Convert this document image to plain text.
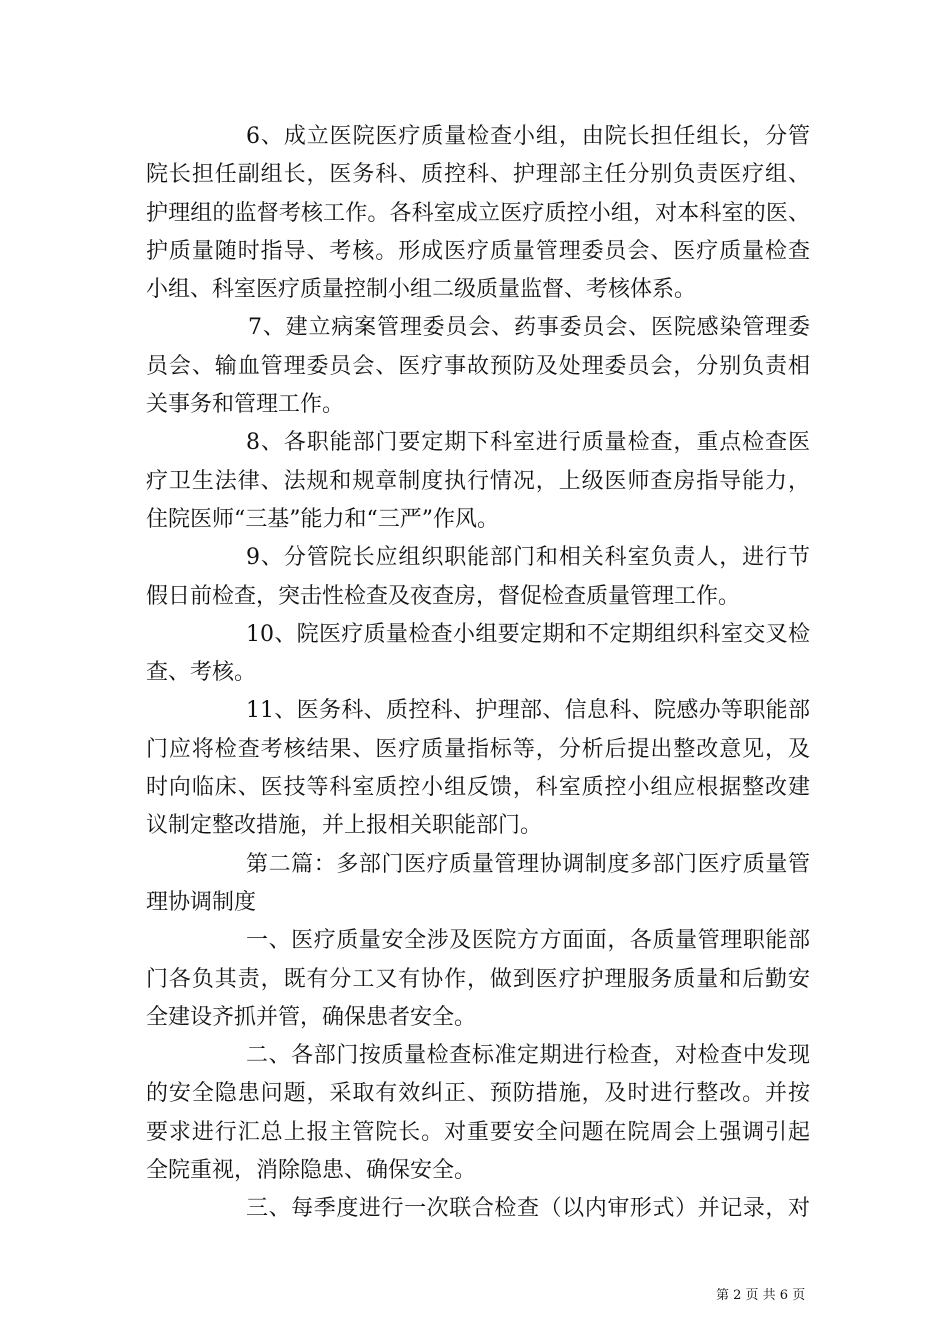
6、成立医院医疗质量检查小组，由院长担任组长，分管
院长担任副组长，医务科、质控科、护理部主任分别负责医疗组、
护理组的监督考核工作。各科室成立医疗质控小组，对本科室的医、
护质量随时指导、考核。形成医疗质量管理委员会、医疗质量检查
小组、科室医疗质量控制小组二级质量监督、考核体系。
7、建立病案管理委员会、药事委员会、医院感染管理委
员会、输血管理委员会、医疗事故预防及处理委员会，分别负责相
关事务和管理工作。
8、各职能部门要定期下科室进行质量检查，重点检查医
疗卫生法律、法规和规章制度执行情况，上级医师查房指导能力，
住院医师“三基”能力和“三严”作风。
9、分管院长应组织职能部门和相关科室负责人，进行节
假日前检查，突击性检查及夜查房，督促检查质量管理工作。
10、院医疗质量检查小组要定期和不定期组织科室交叉检
查、考核。
11、医务科、质控科、护理部、信息科、院感办等职能部
门应将检查考核结果、医疗质量指标等，分析后提出整改意见，及
时向临床、医技等科室质控小组反馈，科室质控小组应根据整改建
议制定整改措施，并上报相关职能部门。
第二篇：多部门医疗质量管理协调制度多部门医疗质量管
理协调制度
一、医疗质量安全涉及医院方方面面，各质量管理职能部
门各负其责，既有分工又有协作，做到医疗护理服务质量和后勤安
全建设齐抓并管，确保患者安全。
二、各部门按质量检查标准定期进行检查，对检查中发现
的安全隐患问题，采取有效纠正、预防措施，及时进行整改。并按
要求进行汇总上报主管院长。对重要安全问题在院周会上强调引起
全院重视，消除隐患、确保安全。
三、每季度进行一次联合检查（以内审形式）并记录，对
第 2 页 共 6 页
